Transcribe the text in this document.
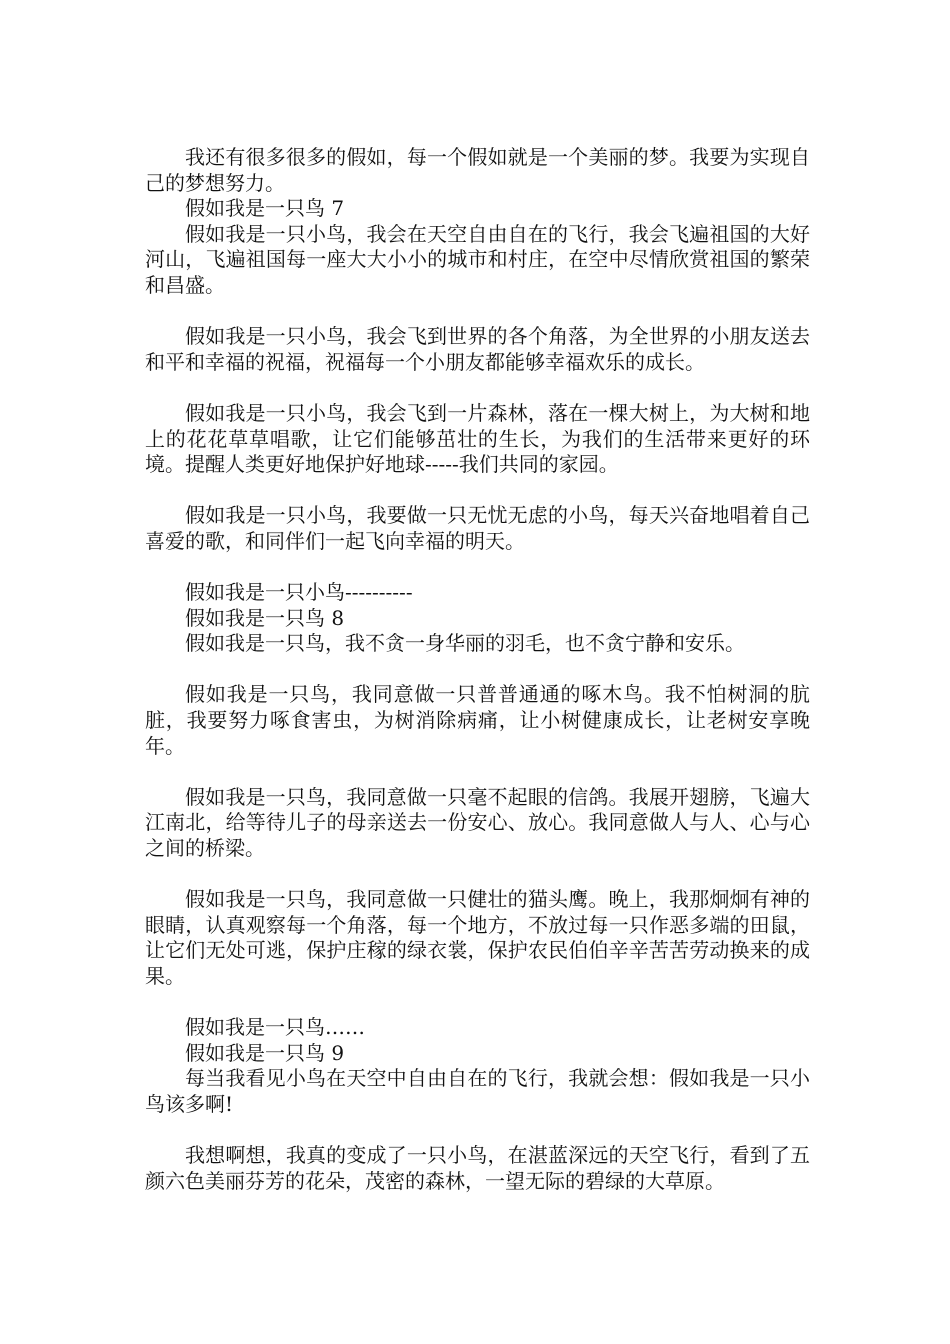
我还有很多很多的假如，每一个假如就是一个美丽的梦。我要为实现自己的梦想努力。

假如我是一只鸟 7

假如我是一只小鸟，我会在天空自由自在的飞行，我会飞遍祖国的大好河山，飞遍祖国每一座大大小小的城市和村庄，在空中尽情欣赏祖国的繁荣和昌盛。

假如我是一只小鸟，我会飞到世界的各个角落，为全世界的小朋友送去和平和幸福的祝福，祝福每一个小朋友都能够幸福欢乐的成长。

假如我是一只小鸟，我会飞到一片森林，落在一棵大树上，为大树和地上的花花草草唱歌，让它们能够茁壮的生长，为我们的生活带来更好的环境。提醒人类更好地保护好地球-----我们共同的家园。

假如我是一只小鸟，我要做一只无忧无虑的小鸟，每天兴奋地唱着自己喜爱的歌，和同伴们一起飞向幸福的明天。

假如我是一只小鸟----------

假如我是一只鸟 8

假如我是一只鸟，我不贪一身华丽的羽毛，也不贪宁静和安乐。

假如我是一只鸟，我同意做一只普普通通的啄木鸟。我不怕树洞的肮脏，我要努力啄食害虫，为树消除病痛，让小树健康成长，让老树安享晚年。

假如我是一只鸟，我同意做一只毫不起眼的信鸽。我展开翅膀，飞遍大江南北，给等待儿子的母亲送去一份安心、放心。我同意做人与人、心与心之间的桥梁。

假如我是一只鸟，我同意做一只健壮的猫头鹰。晚上，我那炯炯有神的眼睛，认真观察每一个角落，每一个地方，不放过每一只作恶多端的田鼠，让它们无处可逃，保护庄稼的绿衣裳，保护农民伯伯辛辛苦苦劳动换来的成果。

假如我是一只鸟……

假如我是一只鸟 9

每当我看见小鸟在天空中自由自在的飞行，我就会想：假如我是一只小鸟该多啊!

我想啊想，我真的变成了一只小鸟，在湛蓝深远的天空飞行，看到了五颜六色美丽芬芳的花朵，茂密的森林，一望无际的碧绿的大草原。
